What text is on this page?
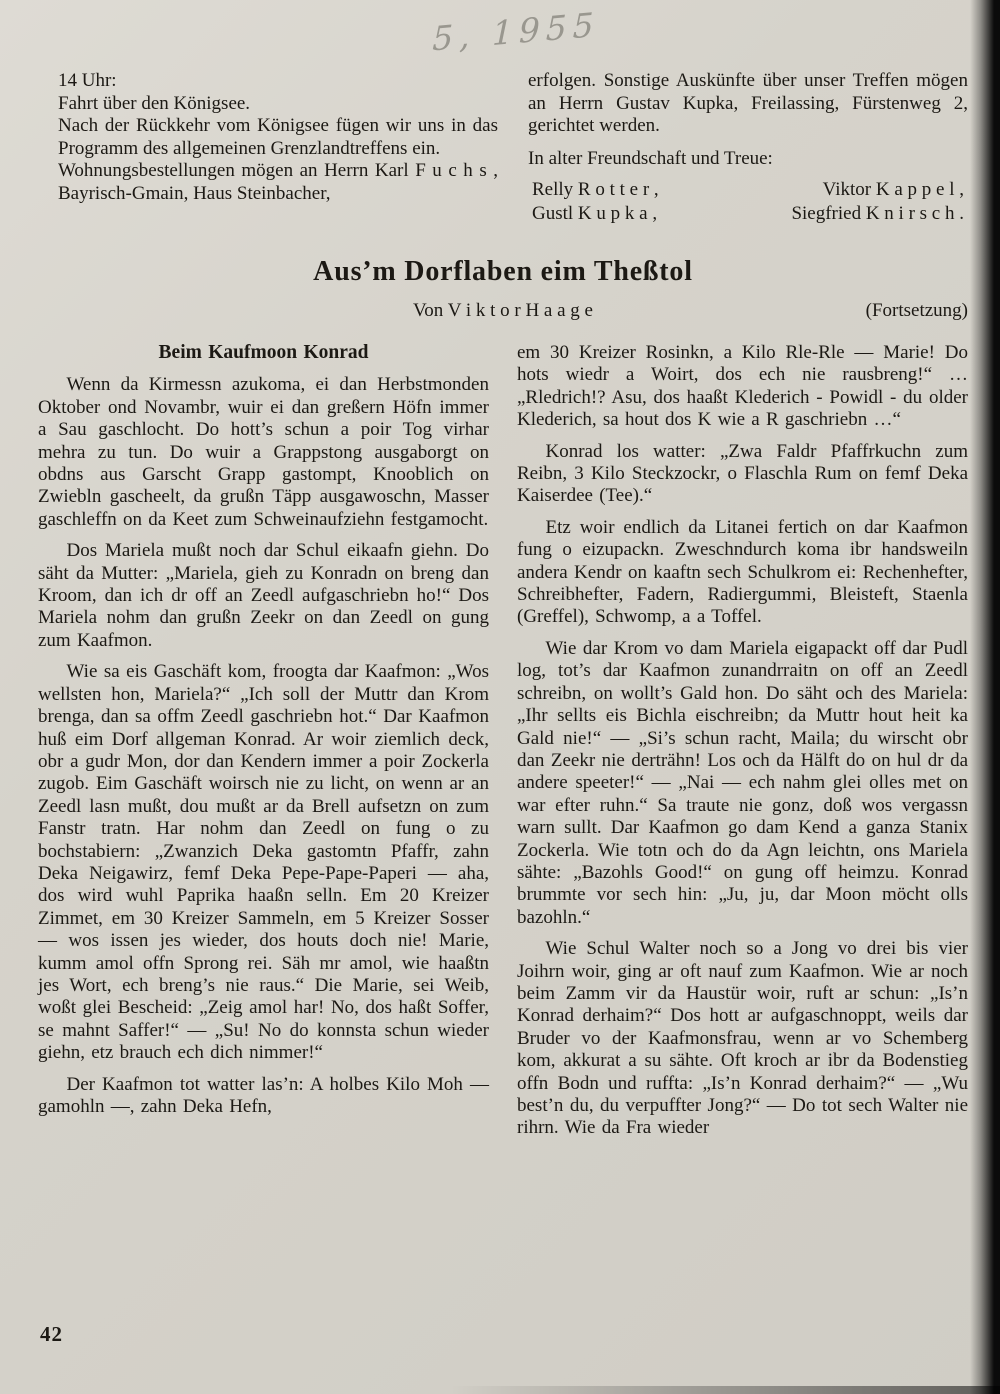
5, 1955

14 Uhr:

Fahrt über den Königsee.

Nach der Rückkehr vom Königsee fügen wir uns in das Programm des allgemeinen Grenzlandtreffens ein.

Wohnungsbestellungen mögen an Herrn Karl F u c h s , Bayrisch-Gmain, Haus Steinbacher,

erfolgen. Sonstige Auskünfte über unser Treffen mögen an Herrn Gustav Kupka, Freilassing, Fürstenweg 2, gerichtet werden.

In alter Freundschaft und Treue:

Relly R o t t e r ,	Viktor K a p p e l ,
Gustl K u p k a ,	Siegfried K n i r s c h .
Aus’m Dorflaben eim Theßtol
Von V i k t o r H a a g e	(Fortsetzung)
Beim Kaufmoon Konrad

Wenn da Kirmessn azukoma, ei dan Herbstmonden Oktober ond Novambr, wuir ei dan greßern Höfn immer a Sau gaschlocht. Do hott’s schun a poir Tog virhar mehra zu tun. Do wuir a Grappstong ausgaborgt on obdns aus Garscht Grapp gastompt, Knooblich on Zwiebln gascheelt, da grußn Täpp ausgawoschn, Masser gaschleffn on da Keet zum Schweinaufziehn festgamocht.

Dos Mariela mußt noch dar Schul eikaafn giehn. Do säht da Mutter: „Mariela, gieh zu Konradn on breng dan Kroom, dan ich dr off an Zeedl aufgaschriebn ho!“ Dos Mariela nohm dan grußn Zeekr on dan Zeedl on gung zum Kaafmon.

Wie sa eis Gaschäft kom, froogta dar Kaafmon: „Wos wellsten hon, Mariela?“ „Ich soll der Muttr dan Krom brenga, dan sa offm Zeedl gaschriebn hot.“ Dar Kaafmon huß eim Dorf allgeman Konrad. Ar woir ziemlich deck, obr a gudr Mon, dor dan Kendern immer a poir Zockerla zugob. Eim Gaschäft woirsch nie zu licht, on wenn ar an Zeedl lasn mußt, dou mußt ar da Brell aufsetzn on zum Fanstr tratn. Har nohm dan Zeedl on fung o zu bochstabiern: „Zwanzich Deka gastomtn Pfaffr, zahn Deka Neigawirz, femf Deka Pepe-Pape-Paperi — aha, dos wird wuhl Paprika haaßn selln. Em 20 Kreizer Zimmet, em 30 Kreizer Sammeln, em 5 Kreizer Sosser — wos issen jes wieder, dos houts doch nie! Marie, kumm amol offn Sprong rei. Säh mr amol, wie haaßtn jes Wort, ech breng’s nie raus.“ Die Marie, sei Weib, woßt glei Bescheid: „Zeig amol har! No, dos haßt Soffer, se mahnt Saffer!“ — „Su! No do konnsta schun wieder giehn, etz brauch ech dich nimmer!“

Der Kaafmon tot watter las’n: A holbes Kilo Moh — gamohln —, zahn Deka Hefn,

em 30 Kreizer Rosinkn, a Kilo Rle-Rle — Marie! Do hots wiedr a Woirt, dos ech nie rausbreng!“ … „Rledrich!? Asu, dos haaßt Klederich - Powidl - du older Klederich, sa hout dos K wie a R gaschriebn …“

Konrad los watter: „Zwa Faldr Pfaffrkuchn zum Reibn, 3 Kilo Steckzockr, o Flaschla Rum on femf Deka Kaiserdee (Tee).“

Etz woir endlich da Litanei fertich on dar Kaafmon fung o eizupackn. Zweschndurch koma ibr handsweiln andera Kendr on kaaftn sech Schulkrom ei: Rechenhefter, Schreibhefter, Fadern, Radiergummi, Bleisteft, Staenla (Greffel), Schwomp, a a Toffel.

Wie dar Krom vo dam Mariela eigapackt off dar Pudl log, tot’s dar Kaafmon zunandrraitn on off an Zeedl schreibn, on wollt’s Gald hon. Do säht och des Mariela: „Ihr sellts eis Bichla eischreibn; da Muttr hout heit ka Gald nie!“ — „Si’s schun racht, Maila; du wirscht obr dan Zeekr nie derträhn! Los och da Hälft do on hul dr da andere speeter!“ — „Nai — ech nahm glei olles met on war efter ruhn.“ Sa traute nie gonz, doß wos vergassn warn sullt. Dar Kaafmon go dam Kend a ganza Stanix Zockerla. Wie totn och do da Agn leichtn, ons Mariela sähte: „Bazohls Good!“ on gung off heimzu. Konrad brummte vor sech hin: „Ju, ju, dar Moon möcht olls bazohln.“

Wie Schul Walter noch so a Jong vo drei bis vier Joihrn woir, ging ar oft nauf zum Kaafmon. Wie ar noch beim Zamm vir da Haustür woir, ruft ar schun: „Is’n Konrad derhaim?“ Dos hott ar aufgaschnoppt, weils dar Bruder vo der Kaafmonsfrau, wenn ar vo Schemberg kom, akkurat a su sähte. Oft kroch ar ibr da Bodenstieg offn Bodn und ruffta: „Is’n Konrad derhaim?“ — „Wu best’n du, du verpuffter Jong?“ — Do tot sech Walter nie rihrn. Wie da Fra wieder

42
